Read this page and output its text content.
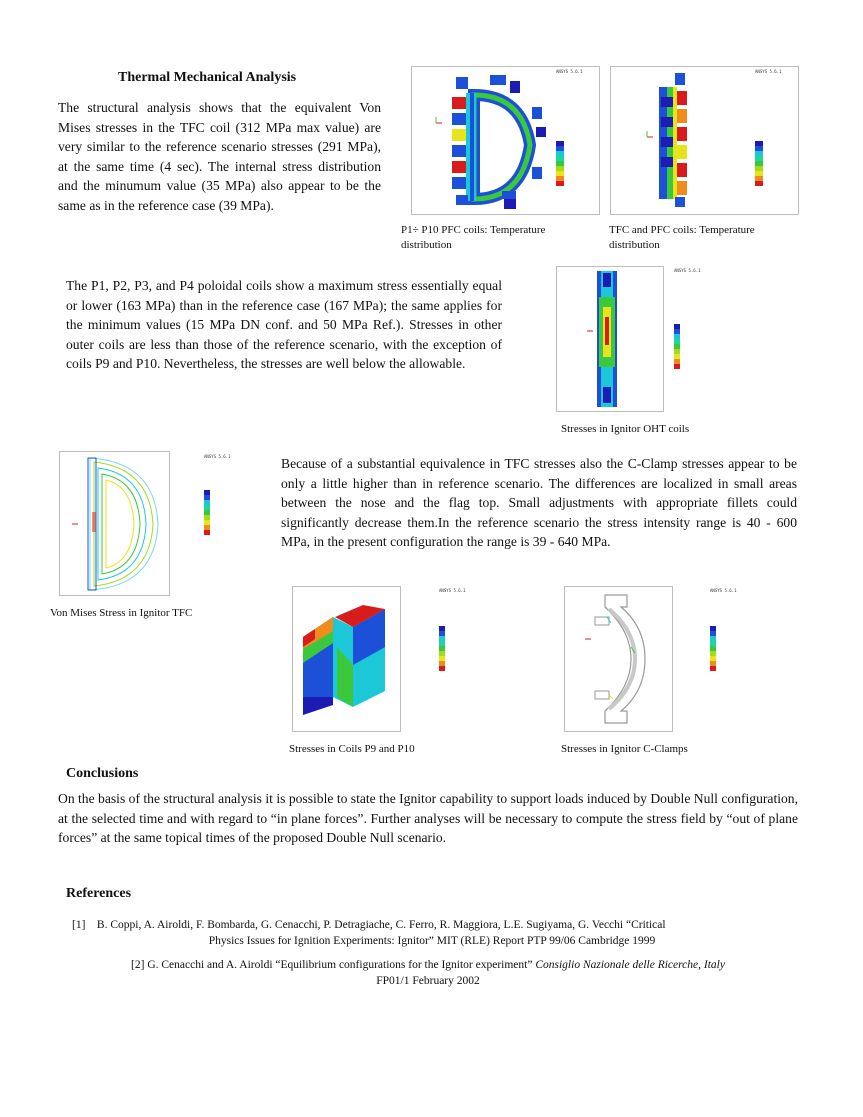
Thermal Mechanical Analysis
The structural analysis shows that the equivalent Von Mises stresses in the TFC coil (312 MPa max value) are very similar to the reference scenario stresses (291 MPa), at the same time (4 sec). The internal stress distribution and the minumum value (35 MPa) also appear to be the same as in the reference case (39 MPa).
ANSYS 5.6.1
P1÷ P10 PFC coils: Temperature distribution
ANSYS 5.6.1
TFC and PFC coils: Temperature distribution
The P1, P2, P3, and P4 poloidal coils show a maximum stress essentially equal or lower (163 MPa) than in the reference case (167 MPa); the same applies for the minimum values (15 MPa DN conf. and 50 MPa Ref.). Stresses in other outer coils are less than those of the reference scenario, with the exception of coils P9 and P10. Nevertheless, the stresses are well below the allowable.
ANSYS 5.6.1
Stresses in Ignitor OHT coils
ANSYS 5.6.1
Von Mises Stress in Ignitor TFC
Because of a substantial equivalence in TFC stresses also the C-Clamp stresses appear to be only a little higher than in reference scenario. The differences are localized in small areas between the nose and the flag top. Small adjustments with appropriate fillets could significantly decrease them.In the reference scenario the stress intensity range is 40 - 600 MPa, in the present configuration the range is 39 - 640 MPa.
ANSYS 5.6.1
Stresses in Coils P9 and P10
ANSYS 5.6.1
Stresses in Ignitor C-Clamps
Conclusions
On the basis of the structural analysis it is possible to state the Ignitor capability to support loads induced by Double Null configuration, at the selected time and with regard to “in plane forces”. Further analyses will be necessary to compute the stress field by “out of plane forces” at the same topical times of the proposed Double Null scenario.
References
[1] B. Coppi, A. Airoldi, F. Bombarda, G. Cenacchi, P. Detragiache, C. Ferro, R. Maggiora, L.E. Sugiyama, G. Vecchi “Critical
Physics Issues for Ignition Experiments: Ignitor” MIT (RLE) Report PTP 99/06 Cambridge 1999
[2] G. Cenacchi and A. Airoldi “Equilibrium configurations for the Ignitor experiment” Consiglio Nazionale delle Ricerche, Italy
FP01/1 February 2002
